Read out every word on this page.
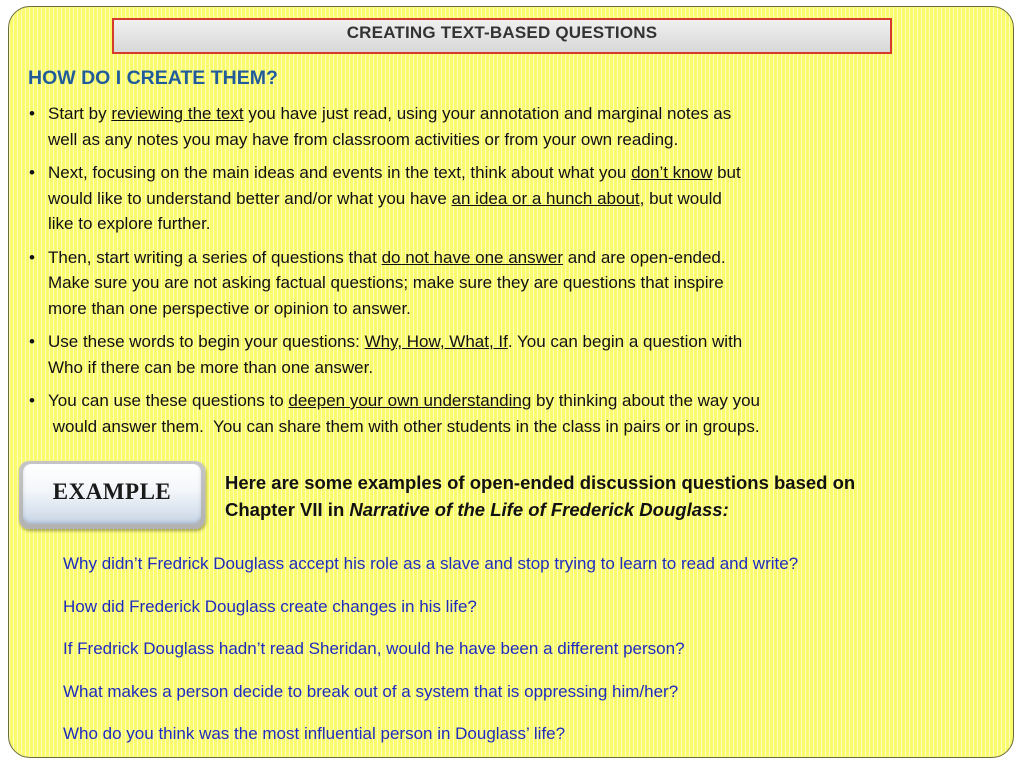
CREATING TEXT-BASED QUESTIONS
HOW DO I CREATE THEM?
• Start by reviewing the text you have just read, using your annotation and marginal notes as
well as any notes you may have from classroom activities or from your own reading.
• Next, focusing on the main ideas and events in the text, think about what you don’t know but
would like to understand better and/or what you have an idea or a hunch about, but would
like to explore further.
• Then, start writing a series of questions that do not have one answer and are open-ended.
Make sure you are not asking factual questions; make sure they are questions that inspire
more than one perspective or opinion to answer.
• Use these words to begin your questions: Why, How, What, If. You can begin a question with
Who if there can be more than one answer.
• You can use these questions to deepen your own understanding by thinking about the way you
would answer them.  You can share them with other students in the class in pairs or in groups.
EXAMPLE	Here are some examples of open-ended discussion questions based on
Chapter VII in Narrative of the Life of Frederick Douglass:
Why didn’t Fredrick Douglass accept his role as a slave and stop trying to learn to read and write?
How did Frederick Douglass create changes in his life?
If Fredrick Douglass hadn’t read Sheridan, would he have been a different person?
What makes a person decide to break out of a system that is oppressing him/her?
Who do you think was the most influential person in Douglass’ life?
